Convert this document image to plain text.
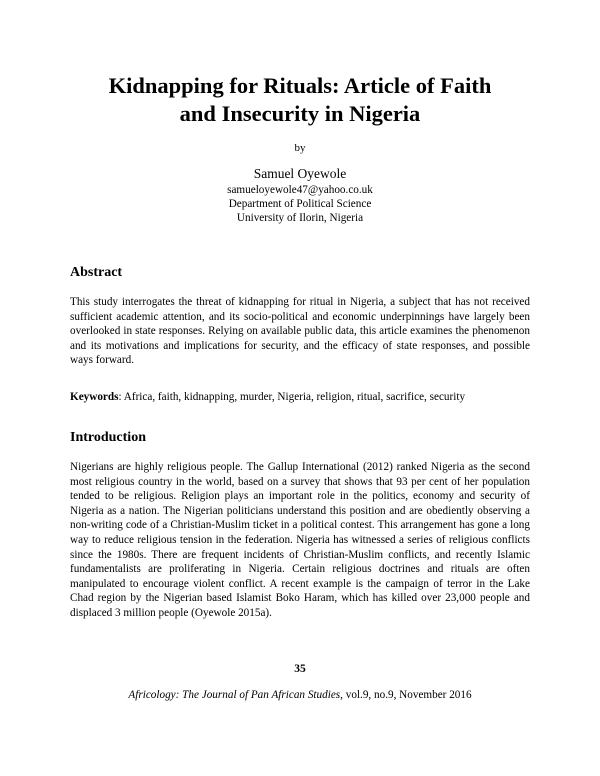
Kidnapping for Rituals: Article of Faith
and Insecurity in Nigeria
by
Samuel Oyewole
samueloyewole47@yahoo.co.uk
Department of Political Science
University of Ilorin, Nigeria
Abstract

This study interrogates the threat of kidnapping for ritual in Nigeria, a subject that has not received sufficient academic attention, and its socio-political and economic underpinnings have largely been overlooked in state responses. Relying on available public data, this article examines the phenomenon and its motivations and implications for security, and the efficacy of state responses, and possible ways forward.

Keywords: Africa, faith, kidnapping, murder, Nigeria, religion, ritual, sacrifice, security
Introduction

Nigerians are highly religious people. The Gallup International (2012) ranked Nigeria as the second most religious country in the world, based on a survey that shows that 93 per cent of her population tended to be religious. Religion plays an important role in the politics, economy and security of Nigeria as a nation. The Nigerian politicians understand this position and are obediently observing a non-writing code of a Christian-Muslim ticket in a political contest. This arrangement has gone a long way to reduce religious tension in the federation. Nigeria has witnessed a series of religious conflicts since the 1980s. There are frequent incidents of Christian-Muslim conflicts, and recently Islamic fundamentalists are proliferating in Nigeria. Certain religious doctrines and rituals are often manipulated to encourage violent conflict. A recent example is the campaign of terror in the Lake Chad region by the Nigerian based Islamist Boko Haram, which has killed over 23,000 people and displaced 3 million people (Oyewole 2015a).

35
Africology: The Journal of Pan African Studies, vol.9, no.9, November 2016
